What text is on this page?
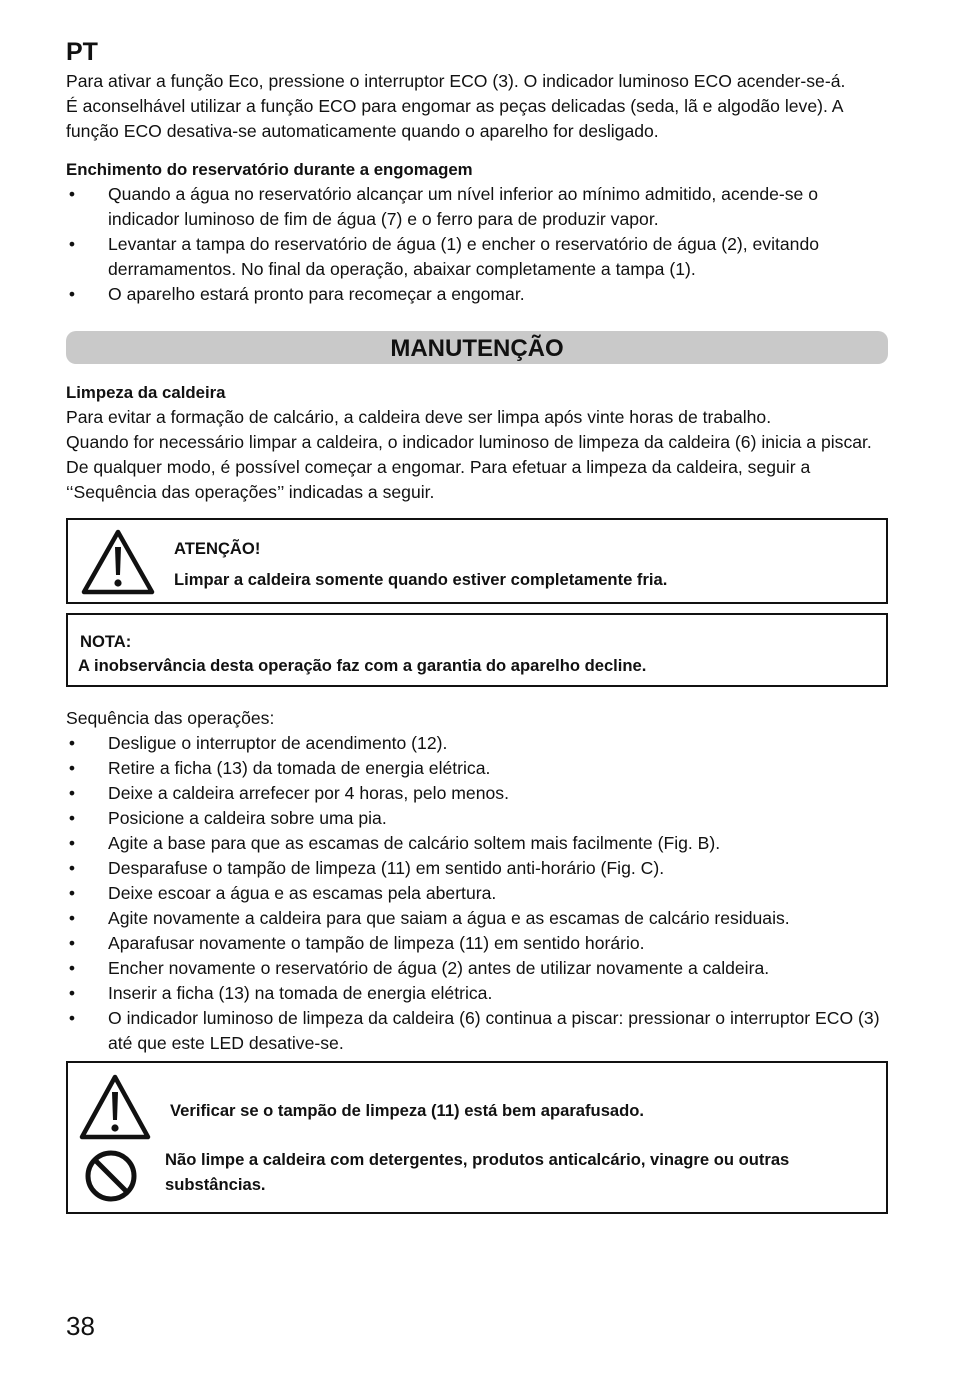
PT

Para ativar a função Eco, pressione o interruptor ECO (3). O indicador luminoso ECO acender-se-á.

É aconselhável utilizar a função ECO para engomar as peças delicadas (seda, lã e algodão leve). A função ECO desativa-se automaticamente quando o aparelho for desligado.

Enchimento do reservatório durante a engomagem
• Quando a água no reservatório alcançar um nível inferior ao mínimo admitido, acende-se o indicador luminoso de fim de água (7) e o ferro para de produzir vapor.
• Levantar a tampa do reservatório de água (1) e encher o reservatório de água (2), evitando derramamentos. No final da operação, abaixar completamente a tampa (1).
• O aparelho estará pronto para recomeçar a engomar.
MANUTENÇÃO
Limpeza da caldeira

Para evitar a formação de calcário, a caldeira deve ser limpa após vinte horas de trabalho.

Quando for necessário limpar a caldeira, o indicador luminoso de limpeza da caldeira (6) inicia a piscar.

De qualquer modo, é possível começar a engomar. Para efetuar a limpeza da caldeira, seguir a ‘‘Sequência das operações’’ indicadas a seguir.

ATENÇÃO!
Limpar a caldeira somente quando estiver completamente fria.
NOTA:
A inobservância desta operação faz com a garantia do aparelho decline.

Sequência das operações:

• Desligue o interruptor de acendimento (12).
• Retire a ficha (13) da tomada de energia elétrica.
• Deixe a caldeira arrefecer por 4 horas, pelo menos.
• Posicione a caldeira sobre uma pia.
• Agite a base para que as escamas de calcário soltem mais facilmente (Fig. B).
• Desparafuse o tampão de limpeza (11) em sentido anti-horário (Fig. C).
• Deixe escoar a água e as escamas pela abertura.
• Agite novamente a caldeira para que saiam a água e as escamas de calcário residuais.
• Aparafusar novamente o tampão de limpeza (11) em sentido horário.
• Encher novamente o reservatório de água (2) antes de utilizar novamente a caldeira.
• Inserir a ficha (13) na tomada de energia elétrica.
• O indicador luminoso de limpeza da caldeira (6) continua a piscar: pressionar o interruptor ECO (3) até que este LED desative-se.
Verificar se o tampão de limpeza (11) está bem aparafusado.
Não limpe a caldeira com detergentes, produtos anticalcário, vinagre ou outras substâncias.
38
